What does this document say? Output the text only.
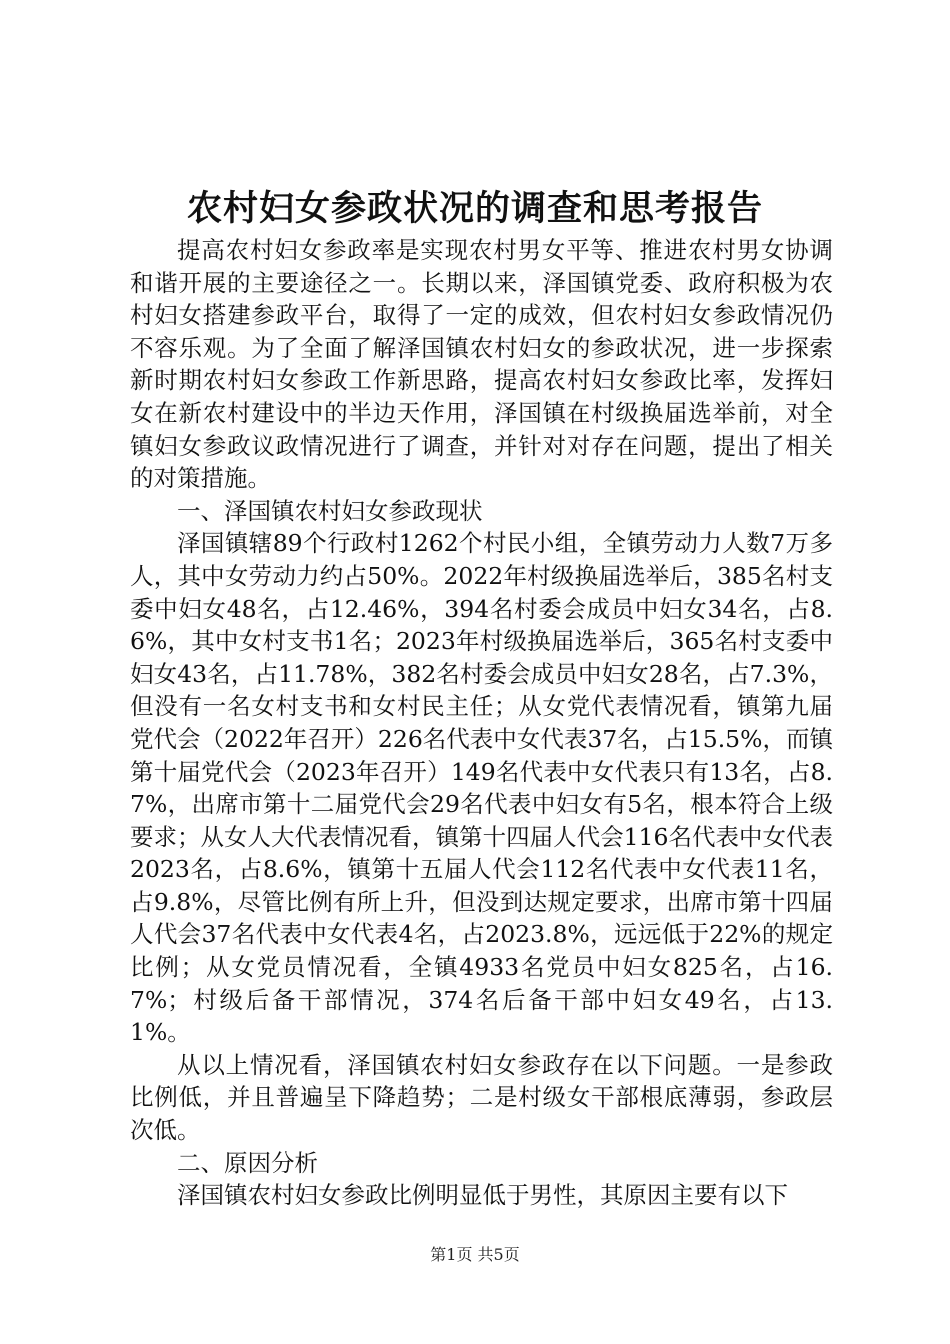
农村妇女参政状况的调查和思考报告

提高农村妇女参政率是实现农村男女平等、推进农村男女协调和谐开展的主要途径之一。长期以来，泽国镇党委、政府积极为农村妇女搭建参政平台，取得了一定的成效，但农村妇女参政情况仍不容乐观。为了全面了解泽国镇农村妇女的参政状况，进一步探索新时期农村妇女参政工作新思路，提高农村妇女参政比率，发挥妇女在新农村建设中的半边天作用，泽国镇在村级换届选举前，对全镇妇女参政议政情况进行了调查，并针对对存在问题，提出了相关的对策措施。

一、泽国镇农村妇女参政现状

泽国镇辖89个行政村1262个村民小组，全镇劳动力人数7万多人，其中女劳动力约占50%。2022年村级换届选举后，385名村支委中妇女48名，占12.46%，394名村委会成员中妇女34名，占8.6%，其中女村支书1名；2023年村级换届选举后，365名村支委中妇女43名，占11.78%，382名村委会成员中妇女28名，占7.3%，但没有一名女村支书和女村民主任；从女党代表情况看，镇第九届党代会（2022年召开）226名代表中女代表37名，占15.5%，而镇第十届党代会（2023年召开）149名代表中女代表只有13名，占8.7%，出席市第十二届党代会29名代表中妇女有5名，根本符合上级要求；从女人大代表情况看，镇第十四届人代会116名代表中女代表2023名，占8.6%，镇第十五届人代会112名代表中女代表11名，占9.8%，尽管比例有所上升，但没到达规定要求，出席市第十四届人代会37名代表中女代表4名，占2023.8%，远远低于22%的规定比例；从女党员情况看，全镇4933名党员中妇女825名，占16.7%；村级后备干部情况，374名后备干部中妇女49名，占13.1%。

从以上情况看，泽国镇农村妇女参政存在以下问题。一是参政比例低，并且普遍呈下降趋势；二是村级女干部根底薄弱，参政层次低。

二、原因分析

泽国镇农村妇女参政比例明显低于男性，其原因主要有以下

第1页 共5页
